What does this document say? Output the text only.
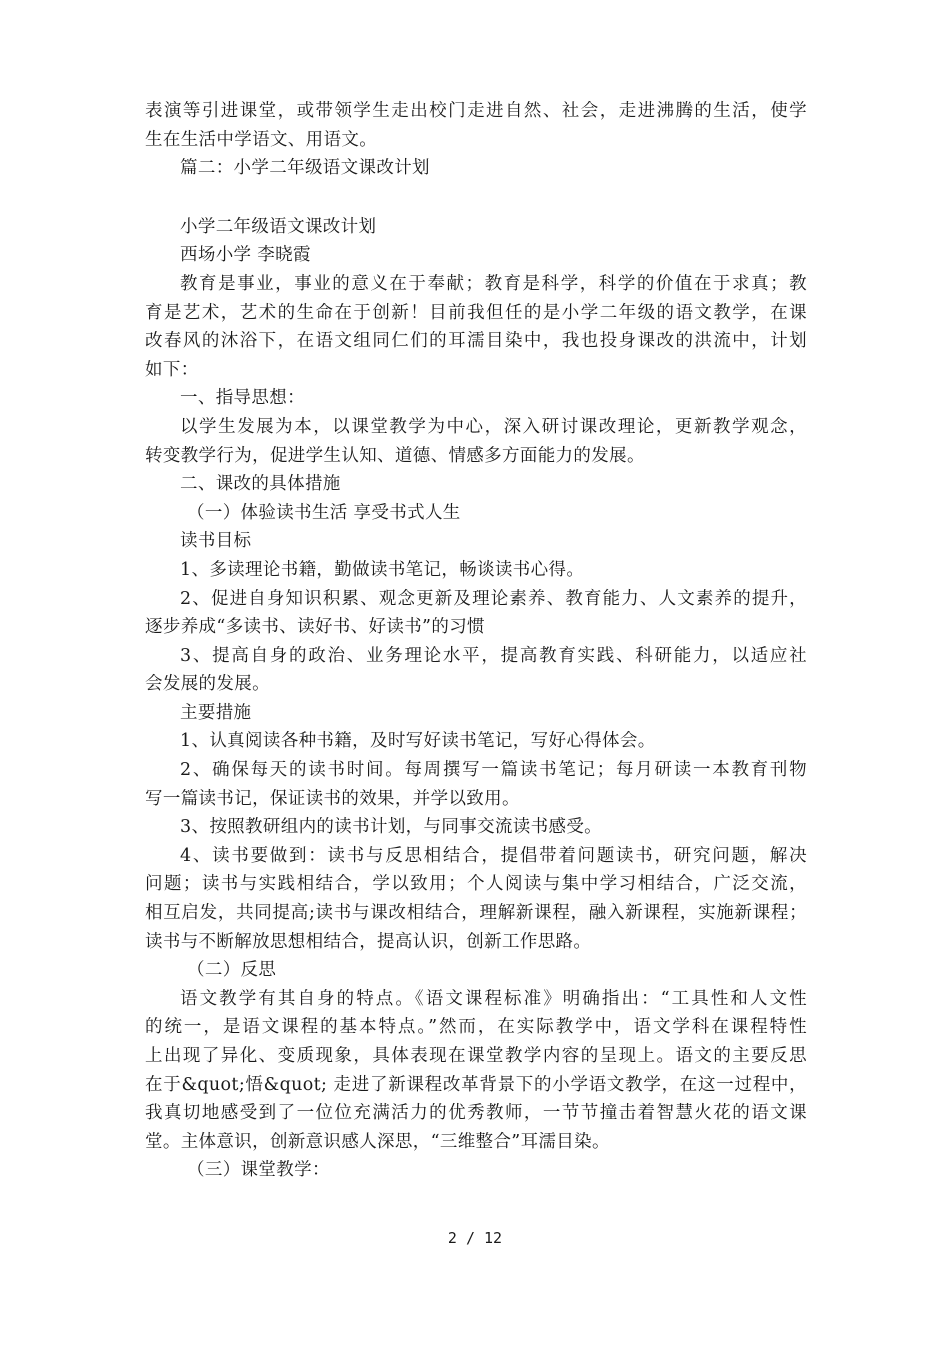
表演等引进课堂，或带领学生走出校门走进自然、社会，走进沸腾的生活，使学
生在生活中学语文、用语文。
篇二：小学二年级语文课改计划
小学二年级语文课改计划
西场小学 李晓霞
教育是事业，事业的意义在于奉献；教育是科学，科学的价值在于求真；教
育是艺术，艺术的生命在于创新！目前我但任的是小学二年级的语文教学，在课
改春风的沐浴下，在语文组同仁们的耳濡目染中，我也投身课改的洪流中，计划
如下：
一、指导思想：
以学生发展为本，以课堂教学为中心，深入研讨课改理论，更新教学观念，
转变教学行为，促进学生认知、道德、情感多方面能力的发展。
二、课改的具体措施
（一）体验读书生活 享受书式人生
读书目标
1、多读理论书籍，勤做读书笔记，畅谈读书心得。
2、促进自身知识积累、观念更新及理论素养、教育能力、人文素养的提升，
逐步养成“多读书、读好书、好读书”的习惯
3、提高自身的政治、业务理论水平，提高教育实践、科研能力，以适应社
会发展的发展。
主要措施
1、认真阅读各种书籍，及时写好读书笔记，写好心得体会。
2、确保每天的读书时间。每周撰写一篇读书笔记；每月研读一本教育刊物
写一篇读书记，保证读书的效果，并学以致用。
3、按照教研组内的读书计划，与同事交流读书感受。
4、读书要做到：读书与反思相结合，提倡带着问题读书，研究问题，解决
问题；读书与实践相结合，学以致用；个人阅读与集中学习相结合，广泛交流，
相互启发，共同提高;读书与课改相结合，理解新课程，融入新课程，实施新课程；
读书与不断解放思想相结合，提高认识，创新工作思路。
（二）反思
语文教学有其自身的特点。《语文课程标准》明确指出：“工具性和人文性
的统一，是语文课程的基本特点。”然而，在实际教学中，语文学科在课程特性
上出现了异化、变质现象，具体表现在课堂教学内容的呈现上。语文的主要反思
在于&quot;悟&quot; 走进了新课程改革背景下的小学语文教学，在这一过程中，
我真切地感受到了一位位充满活力的优秀教师，一节节撞击着智慧火花的语文课
堂。主体意识，创新意识感人深思，“三维整合”耳濡目染。
（三）课堂教学：
2 / 12
